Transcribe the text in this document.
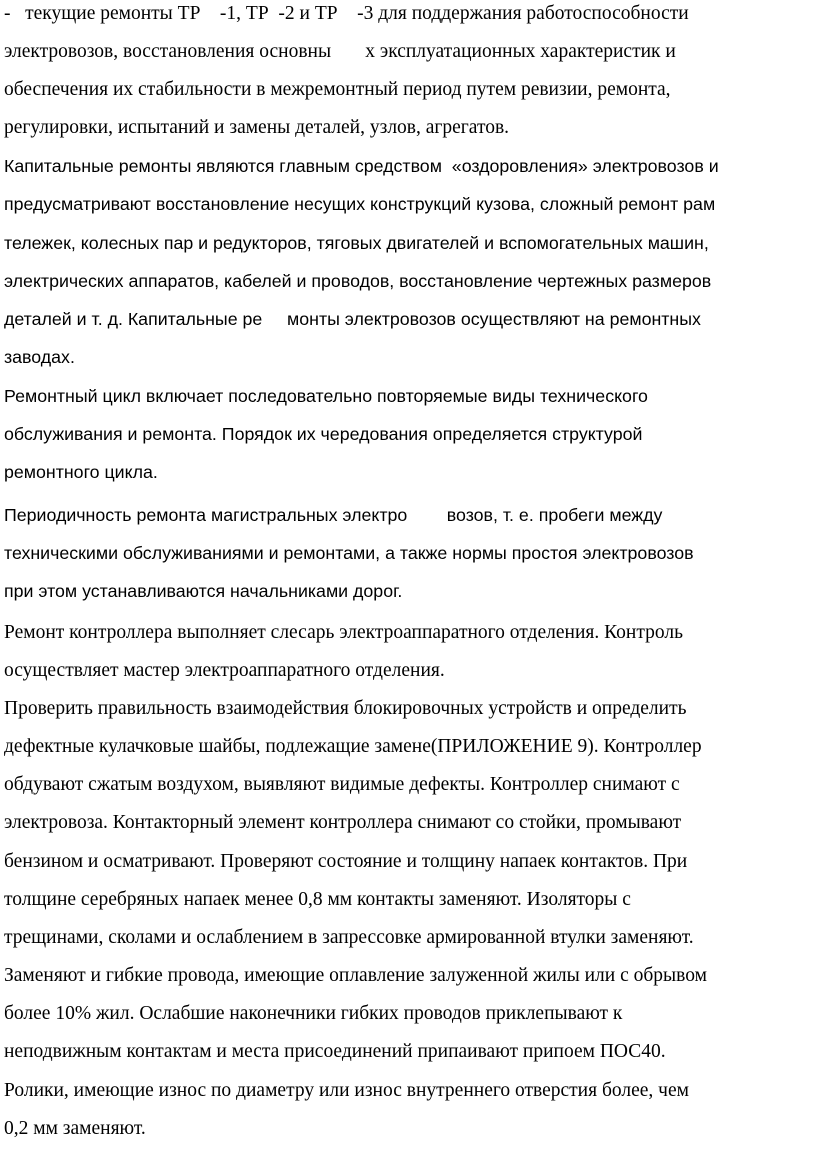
-   текущие ремонты ТР    -1, ТР  -2 и ТР    -3 для поддержания работоспособности
электровозов, восстановления основны       х эксплуатационных характеристик и
обеспечения их стабильности в межремонтный период путем ревизии, ремонта,
регулировки, испытаний и замены деталей, узлов, агрегатов.
Капитальные ремонты являются главным средством  «оздоровления» электровозов и
предусматривают восстановление несущих конструкций кузова, сложный ремонт рам
тележек, колесных пар и редукторов, тяговых двигателей и вспомогательных машин,
электрических аппаратов, кабелей и проводов, восстановление чертежных размеров
деталей и т. д. Капитальные ре     монты электровозов осуществляют на ремонтных
заводах.
Ремонтный цикл включает последовательно повторяемые виды технического
обслуживания и ремонта. Порядок их чередования определяется структурой
ремонтного цикла.
Периодичность ремонта магистральных электро        возов, т. е. пробеги между
техническими обслуживаниями и ремонтами, а также нормы простоя электровозов
при этом устанавливаются начальниками дорог.
Ремонт контроллера выполняет слесарь электроаппаратного отделения. Контроль
осуществляет мастер электроаппаратного отделения.
Проверить правильность взаимодействия блокировочных устройств и определить
дефектные кулачковые шайбы, подлежащие замене(ПРИЛОЖЕНИЕ 9). Контроллер
обдувают сжатым воздухом, выявляют видимые дефекты. Контроллер снимают с
электровоза. Контакторный элемент контроллера снимают со стойки, промывают
бензином и осматривают. Проверяют состояние и толщину напаек контактов. При
толщине серебряных напаек менее 0,8 мм контакты заменяют. Изоляторы с
трещинами, сколами и ослаблением в запрессовке армированной втулки заменяют.
Заменяют и гибкие провода, имеющие оплавление залуженной жилы или с обрывом
более 10% жил. Ослабшие наконечники гибких проводов приклепывают к
неподвижным контактам и места присоединений припаивают припоем ПОС40.
Ролики, имеющие износ по диаметру или износ внутреннего отверстия более, чем
0,2 мм заменяют.
